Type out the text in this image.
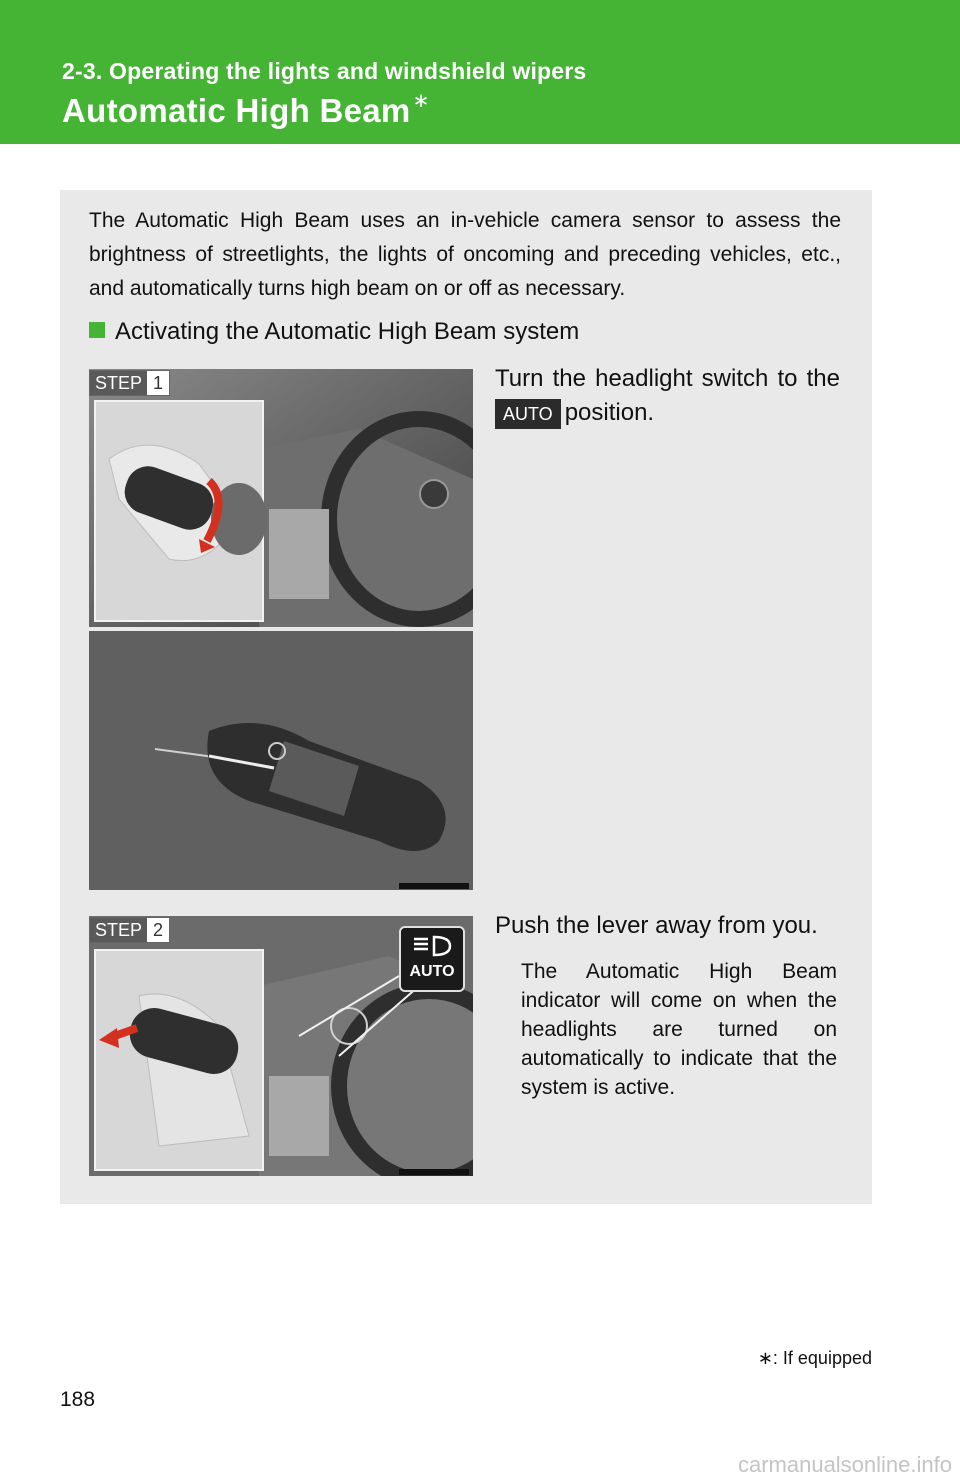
2-3. Operating the lights and windshield wipers
Automatic High Beam ∗
The Automatic High Beam uses an in-vehicle camera sensor to assess the brightness of streetlights, the lights of oncoming and preceding vehicles, etc., and automatically turns high beam on or off as necessary.
Activating the Automatic High Beam system
STEP 1	Turn the headlight switch to the AUTO position.
STEP 2
AUTO
Push the lever away from you.
The Automatic High Beam indicator will come on when the headlights are turned on automatically to indicate that the system is active.
∗: If equipped
188
carmanualsonline.info
